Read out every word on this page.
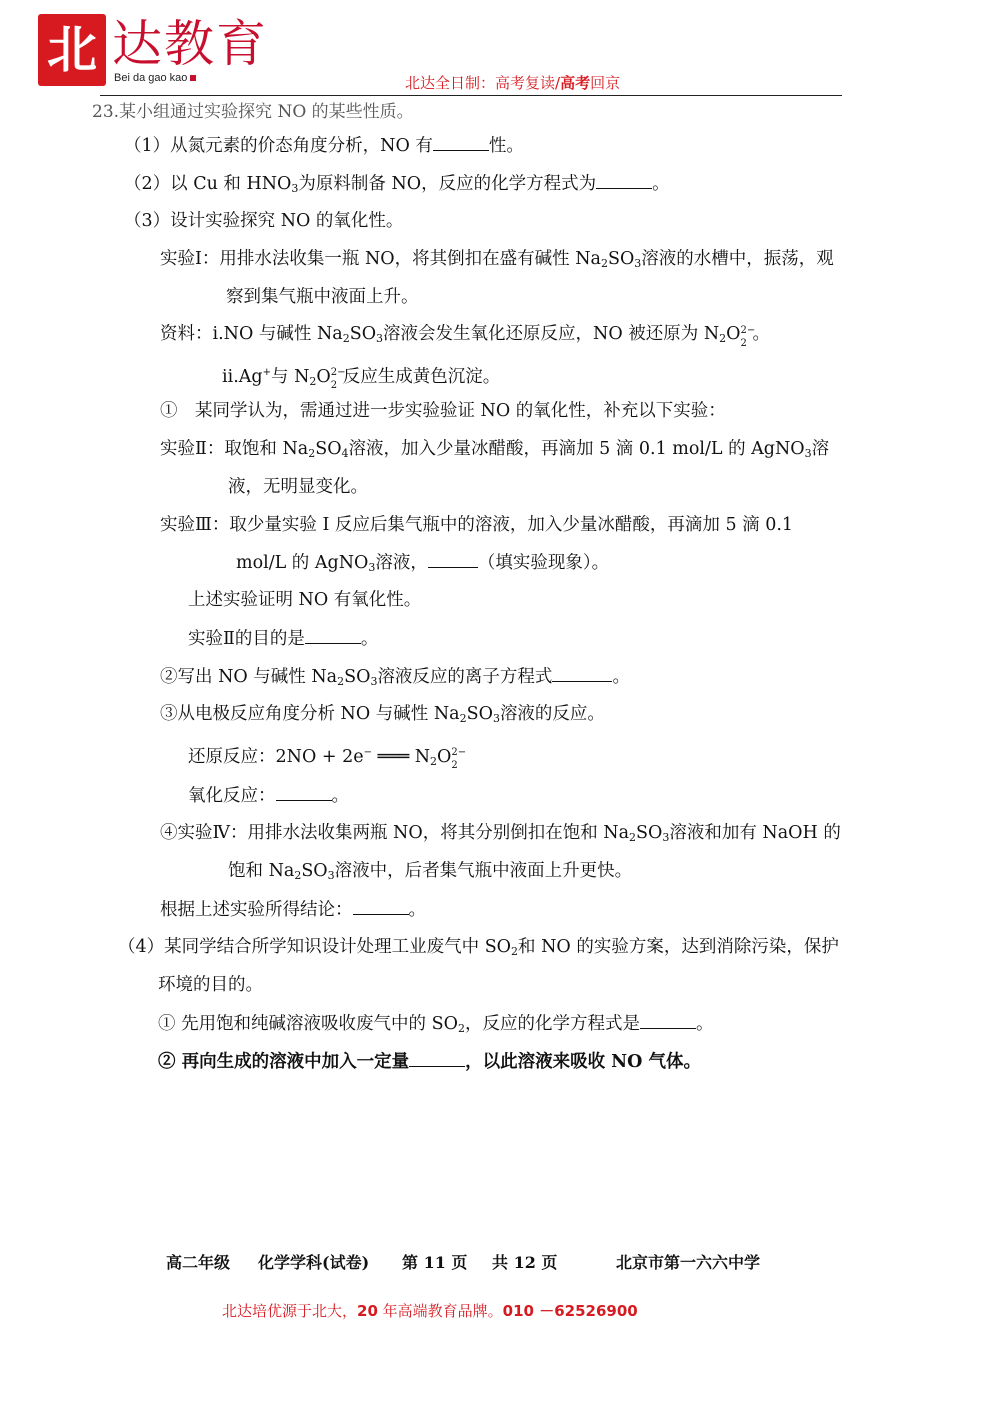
北 达教育
Bei da gao kao	北达全日制：高考复读/高考回京
23.某小组通过实验探究 NO 的某些性质。
（1）从氮元素的价态角度分析，NO 有	性。
（2）以 Cu 和 $HNO_3$为原料制备 NO，反应的化学方程式为	。
（3）设计实验探究 NO 的氧化性。
实验Ⅰ：用排水法收集一瓶 NO，将其倒扣在盛有碱性 $Na_2SO_3$溶液的水槽中，振荡，观
察到集气瓶中液面上升。
资料：ⅰ.NO 与碱性 $Na_2SO_3$溶液会发生氧化还原反应，NO 被还原为 $N_2O$ 2−
2 。
ⅱ.Ag+与 $N_2O$ 2−
2 反应生成黄色沉淀。
①　某同学认为，需通过进一步实验验证 NO 的氧化性，补充以下实验：
实验Ⅱ：取饱和 $Na_2SO_4$溶液，加入少量冰醋酸，再滴加 5 滴 0.1 mol/L 的 AgNO$_3$溶
液，无明显变化。
实验Ⅲ：取少量实验 Ⅰ 反应后集气瓶中的溶液，加入少量冰醋酸，再滴加 5 滴 0.1
mol/L 的 AgNO$_3$溶液，	（填实验现象）。
上述实验证明 NO 有氧化性。
实验Ⅱ的目的是	。
②写出 NO 与碱性 $Na_2SO_3$溶液反应的离子方程式	。
③从电极反应角度分析 NO 与碱性 $Na_2SO_3$溶液的反应。
还原反应：2NO + 2e− ═══ $N_2O$ 2−
2
氧化反应：	。
④实验Ⅳ：用排水法收集两瓶 NO，将其分别倒扣在饱和 $Na_2SO_3$溶液和加有 NaOH 的
饱和 $Na_2SO_3$溶液中，后者集气瓶中液面上升更快。
根据上述实验所得结论：	。
（4）某同学结合所学知识设计处理工业废气中 $SO_2$和 NO 的实验方案，达到消除污染，保护
环境的目的。
① 先用饱和纯碱溶液吸收废气中的 $SO_2$，反应的化学方程式是	。
② 再向生成的溶液中加入一定量	，以此溶液来吸收 NO 气体。
高二年级 化学学科(试卷) 第 11 页 共 12 页	北京市第一六六中学
北达培优源于北大，20 年高端教育品牌。010 －62526900
